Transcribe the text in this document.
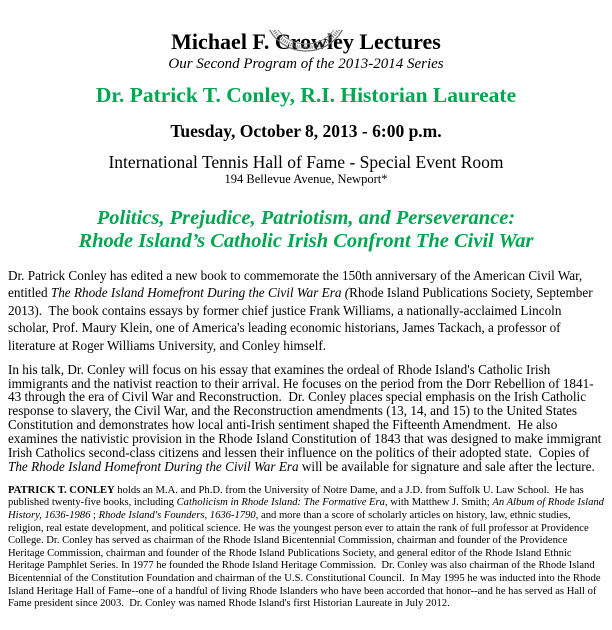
Michael F. Crowley Lectures
Our Second Program of the 2013-2014 Series
Dr. Patrick T. Conley, R.I. Historian Laureate
Tuesday, October 8, 2013 - 6:00 p.m.
International Tennis Hall of Fame - Special Event Room
194 Bellevue Avenue, Newport*
Politics, Prejudice, Patriotism, and Perseverance:
Rhode Island’s Catholic Irish Confront The Civil War
Dr. Patrick Conley has edited a new book to commemorate the 150th anniversary of the American Civil War, entitled The Rhode Island Homefront During the Civil War Era (Rhode Island Publications Society, September 2013).  The book contains essays by former chief justice Frank Williams, a nationally-acclaimed Lincoln scholar, Prof. Maury Klein, one of America's leading economic historians, James Tackach, a professor of literature at Roger Williams University, and Conley himself.
In his talk, Dr. Conley will focus on his essay that examines the ordeal of Rhode Island's Catholic Irish immigrants and the nativist reaction to their arrival. He focuses on the period from the Dorr Rebellion of 1841-43 through the era of Civil War and Reconstruction.  Dr. Conley places special emphasis on the Irish Catholic response to slavery, the Civil War, and the Reconstruction amendments (13, 14, and 15) to the United States Constitution and demonstrates how local anti-Irish sentiment shaped the Fifteenth Amendment.  He also examines the nativistic provision in the Rhode Island Constitution of 1843 that was designed to make immigrant Irish Catholics second-class citizens and lessen their influence on the politics of their adopted state.  Copies of The Rhode Island Homefront During the Civil War Era will be available for signature and sale after the lecture.
PATRICK T. CONLEY holds an M.A. and Ph.D. from the University of Notre Dame, and a J.D. from Suffolk U. Law School.  He has published twenty-five books, including Catholicism in Rhode Island: The Formative Era, with Matthew J. Smith; An Album of Rhode Island  History, 1636-1986 ; Rhode Island's Founders, 1636-1790, and more than a score of scholarly articles on history, law, ethnic studies, religion, real estate development, and political science. He was the youngest person ever to attain the rank of full professor at Providence College. Dr. Conley has served as chairman of the Rhode Island Bicentennial Commission, chairman and founder of the Providence Heritage Commission, chairman and founder of the Rhode Island Publications Society, and general editor of the Rhode Island Ethnic Heritage Pamphlet Series. In 1977 he founded the Rhode Island Heritage Commission.  Dr. Conley was also chairman of the Rhode Island Bicentennial of the Constitution Foundation and chairman of the U.S. Constitutional Council.  In May 1995 he was inducted into the Rhode Island Heritage Hall of Fame--one of a handful of living Rhode Islanders who have been accorded that honor--and he has served as Hall of Fame president since 2003.  Dr. Conley was named Rhode Island's first Historian Laureate in July 2012.
